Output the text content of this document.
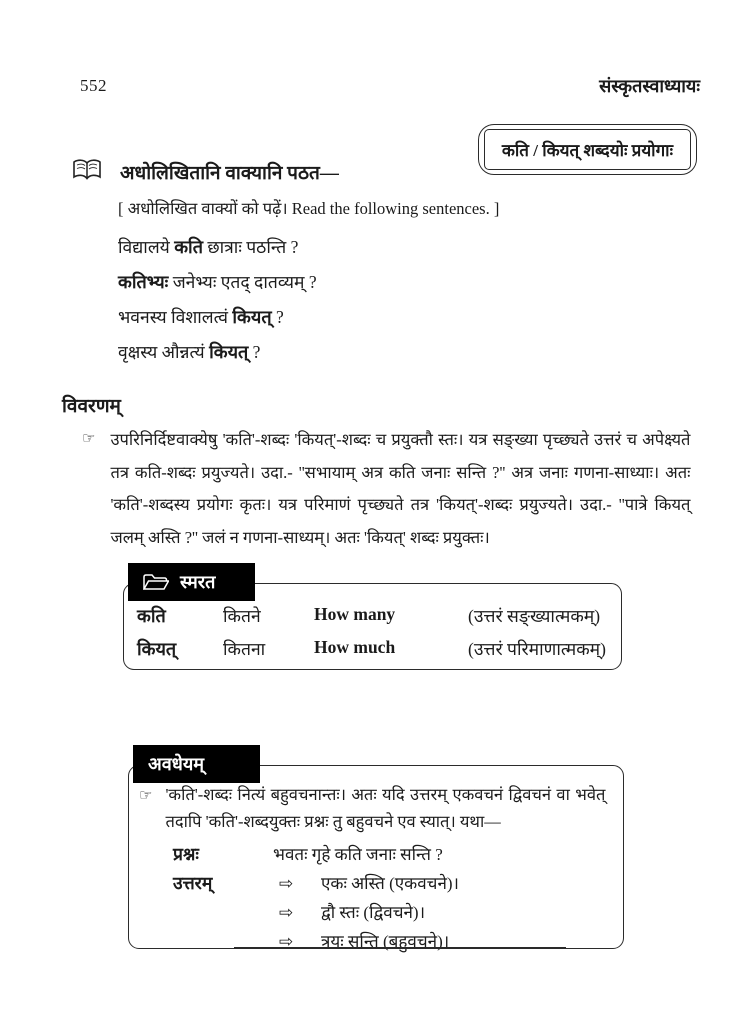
552	संस्कृतस्वाध्यायः
कति / कियत् शब्दयोः प्रयोगाः
अधोलिखितानि वाक्यानि पठत—
[ अधोलिखित वाक्यों को पढ़ें। Read the following sentences. ]
विद्यालये कति छात्राः पठन्ति ?
कतिभ्यः जनेभ्यः एतद् दातव्यम् ?
भवनस्य विशालत्वं कियत् ?
वृक्षस्य औन्नत्यं कियत् ?
विवरणम्
☞ उपरिनिर्दिष्टवाक्येषु 'कति'-शब्दः 'कियत्'-शब्दः च प्रयुक्तौ स्तः। यत्र सङ्ख्या पृच्छ्यते उत्तरं च अपेक्ष्यते तत्र कति-शब्दः प्रयुज्यते। उदा.- ''सभायाम् अत्र कति जनाः सन्ति ?'' अत्र जनाः गणना-साध्याः। अतः 'कति'-शब्दस्य प्रयोगः कृतः। यत्र परिमाणं पृच्छ्यते तत्र 'कियत्'-शब्दः प्रयुज्यते। उदा.- ''पात्रे कियत् जलम् अस्ति ?'' जलं न गणना-साध्यम्। अतः 'कियत्' शब्दः प्रयुक्तः।

स्मरत
कति	कितने	How many	(उत्तरं सङ्ख्यात्मकम्)
कियत्	कितना	How much	(उत्तरं परिमाणात्मकम्)
अवधेयम्
☞ 'कति'-शब्दः नित्यं बहुवचनान्तः। अतः यदि उत्तरम् एकवचनं द्विवचनं वा भवेत् तदापि 'कति'-शब्दयुक्तः प्रश्नः तु बहुवचने एव स्यात्। यथा—

प्रश्नः	भवतः गृहे कति जनाः सन्ति ?
उत्तरम्	⇨	एकः अस्ति (एकवचने)।
⇨	द्वौ स्तः (द्विवचने)।
⇨	त्रयः सन्ति (बहुवचने)।
